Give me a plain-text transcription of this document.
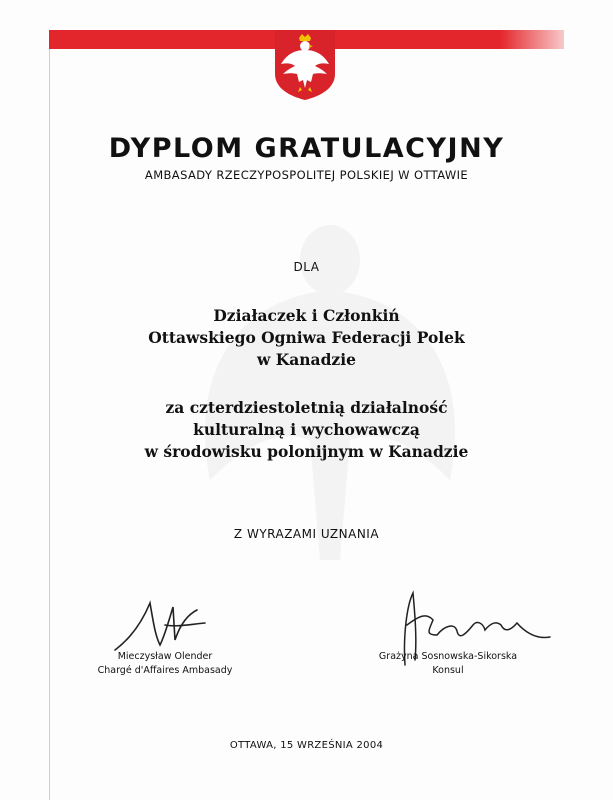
DYPLOM GRATULACYJNY
AMBASADY RZECZYPOSPOLITEJ POLSKIEJ W OTTAWIE
DLA
Działaczek i Członkiń
Ottawskiego Ogniwa Federacji Polek
w Kanadzie
za czterdziestoletnią działalność
kulturalną i wychowawczą
w środowisku polonijnym w Kanadzie
Z WYRAZAMI UZNANIA
Mieczysław Olender
Chargé d'Affaires Ambasady
Grażyna Sosnowska-Sikorska
Konsul
OTTAWA, 15 WRZEŚNIA 2004
